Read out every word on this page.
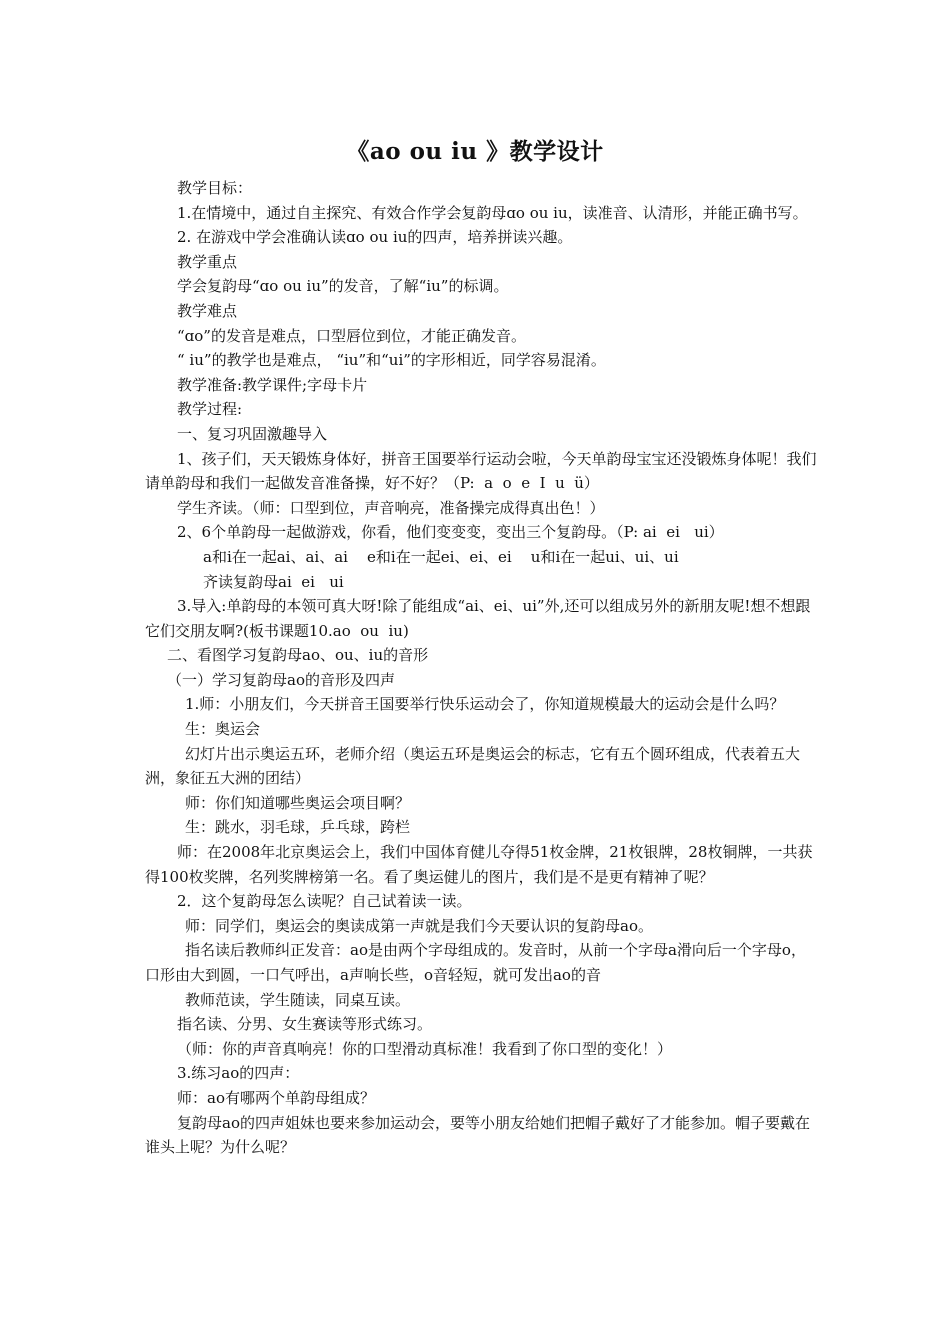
《ao ou iu 》教学设计

教学目标：

1.在情境中，通过自主探究、有效合作学会复韵母ɑo ou iu，读准音、认清形，并能正确书写。

2. 在游戏中学会准确认读ɑo ou iu的四声，培养拼读兴趣。

教学重点

学会复韵母“ɑo ou iu”的发音，了解“iu”的标调。

教学难点

“ɑo”的发音是难点，口型唇位到位，才能正确发音。

“ iu”的教学也是难点， “iu”和“ui”的字形相近，同学容易混淆。

教学准备:教学课件;字母卡片

教学过程:

一、复习巩固激趣导入

1、孩子们，天天锻炼身体好，拼音王国要举行运动会啦，今天单韵母宝宝还没锻炼身体呢！我们请单韵母和我们一起做发音准备操，好不好？（P:  a  o  e  I  u  ü）

学生齐读。（师：口型到位，声音响亮，准备操完成得真出色！）

2、6个单韵母一起做游戏，你看，他们变变变，变出三个复韵母。（P: ai  ei   ui）

a和i在一起ai、ai、ai    e和i在一起ei、ei、ei    u和i在一起ui、ui、ui

齐读复韵母ai  ei   ui

3.导入:单韵母的本领可真大呀!除了能组成“ai、ei、ui”外,还可以组成另外的新朋友呢!想不想跟它们交朋友啊?(板书课题10.ao  ou  iu)

二、看图学习复韵母ao、ou、iu的音形

（一）学习复韵母ao的音形及四声

1.师：小朋友们，今天拼音王国要举行快乐运动会了，你知道规模最大的运动会是什么吗？

生：奥运会

幻灯片出示奥运五环，老师介绍（奥运五环是奥运会的标志，它有五个圆环组成，代表着五大洲，象征五大洲的团结）

师：你们知道哪些奥运会项目啊？

生：跳水，羽毛球，乒乓球，跨栏

师：在2008年北京奥运会上，我们中国体育健儿夺得51枚金牌，21枚银牌，28枚铜牌，一共获得100枚奖牌，名列奖牌榜第一名。看了奥运健儿的图片，我们是不是更有精神了呢？

2．这个复韵母怎么读呢？自己试着读一读。

师：同学们，奥运会的奥读成第一声就是我们今天要认识的复韵母ao。

指名读后教师纠正发音：ao是由两个字母组成的。发音时，从前一个字母a滑向后一个字母o，口形由大到圆，一口气呼出，a声响长些，o音轻短，就可发出ao的音

教师范读，学生随读，同桌互读。

指名读、分男、女生赛读等形式练习。

（师：你的声音真响亮！你的口型滑动真标准！我看到了你口型的变化！）

3.练习ao的四声：

师：ao有哪两个单韵母组成？

复韵母ao的四声姐妹也要来参加运动会，要等小朋友给她们把帽子戴好了才能参加。帽子要戴在谁头上呢？为什么呢？
